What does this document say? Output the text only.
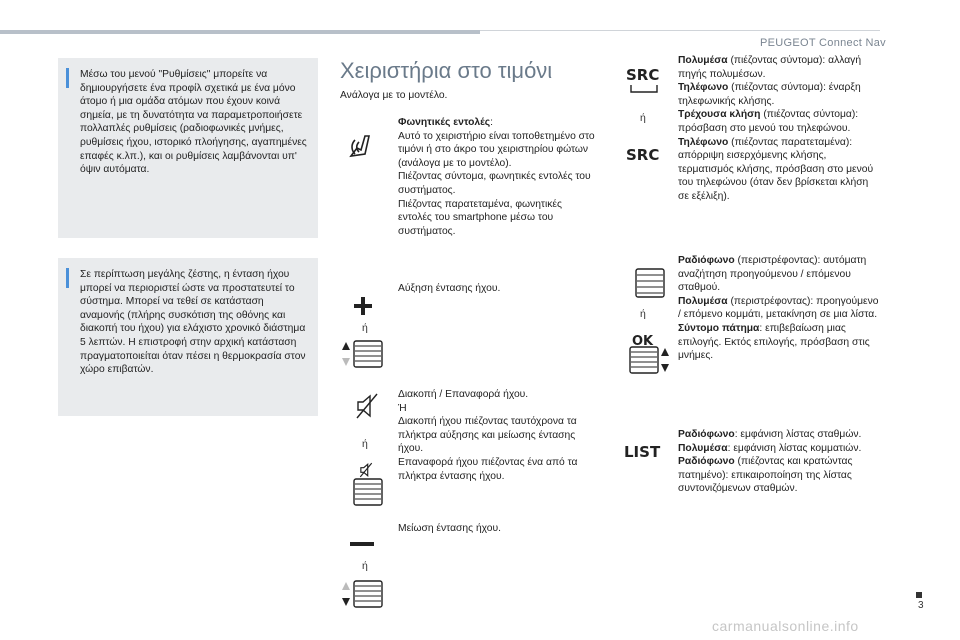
PEUGEOT Connect Nav

Μέσω του μενού "Ρυθμίσεις" μπορείτε να δημιουργήσετε ένα προφίλ σχετικά με ένα μόνο άτομο ή μια ομάδα ατόμων που έχουν κοινά σημεία, με τη δυνατότητα να παραμετροποιήσετε πολλαπλές ρυθμίσεις (ραδιοφωνικές μνήμες, ρυθμίσεις ήχου, ιστορικό πλοήγησης, αγαπημένες επαφές κ.λπ.), και οι ρυθμίσεις λαμβάνονται υπ' όψιν αυτόματα.

Σε περίπτωση μεγάλης ζέστης, η ένταση ήχου μπορεί να περιοριστεί ώστε να προστατευτεί το σύστημα. Μπορεί να τεθεί σε κατάσταση αναμονής (πλήρης συσκότιση της οθόνης και διακοπή του ήχου) για ελάχιστο χρονικό διάστημα 5 λεπτών. Η επιστροφή στην αρχική κατάσταση πραγματοποιείται όταν πέσει η θερμοκρασία στον χώρο επιβατών.

Χειριστήρια στο τιμόνι
Ανάλογα με το μοντέλο.
Φωνητικές εντολές:
Αυτό το χειριστήριο είναι τοποθετημένο στο τιμόνι ή στο άκρο του χειριστηρίου φώτων (ανάλογα με το μοντέλο).
Πιέζοντας σύντομα, φωνητικές εντολές του συστήματος.
Πιέζοντας παρατεταμένα, φωνητικές εντολές του smartphone μέσω του συστήματος.
ή
Αύξηση έντασης ήχου.
ή
Διακοπή / Επαναφορά ήχου.
Ή
Διακοπή ήχου πιέζοντας ταυτόχρονα τα πλήκτρα αύξησης και μείωσης έντασης ήχου.
Επαναφορά ήχου πιέζοντας ένα από τα πλήκτρα έντασης ήχου.
ή
Μείωση έντασης ήχου.
SRC
ή
SRC
Πολυμέσα (πιέζοντας σύντομα): αλλαγή πηγής πολυμέσων.
Τηλέφωνο (πιέζοντας σύντομα): έναρξη τηλεφωνικής κλήσης.
Τρέχουσα κλήση (πιέζοντας σύντομα): πρόσβαση στο μενού του τηλεφώνου.
Τηλέφωνο (πιέζοντας παρατεταμένα): απόρριψη εισερχόμενης κλήσης, τερματισμός κλήσης, πρόσβαση στο μενού του τηλεφώνου (όταν δεν βρίσκεται κλήση σε εξέλιξη).
ή
OK
Ραδιόφωνο (περιστρέφοντας): αυτόματη αναζήτηση προηγούμενου / επόμενου σταθμού.
Πολυμέσα (περιστρέφοντας): προηγούμενο / επόμενο κομμάτι, μετακίνηση σε μια λίστα.
Σύντομο πάτημα: επιβεβαίωση μιας επιλογής. Εκτός επιλογής, πρόσβαση στις μνήμες.
LIST
Ραδιόφωνο: εμφάνιση λίστας σταθμών.
Πολυμέσα: εμφάνιση λίστας κομματιών.
Ραδιόφωνο (πιέζοντας και κρατώντας πατημένο): επικαιροποίηση της λίστας συντονιζόμενων σταθμών.
3
carmanualsonline.info
